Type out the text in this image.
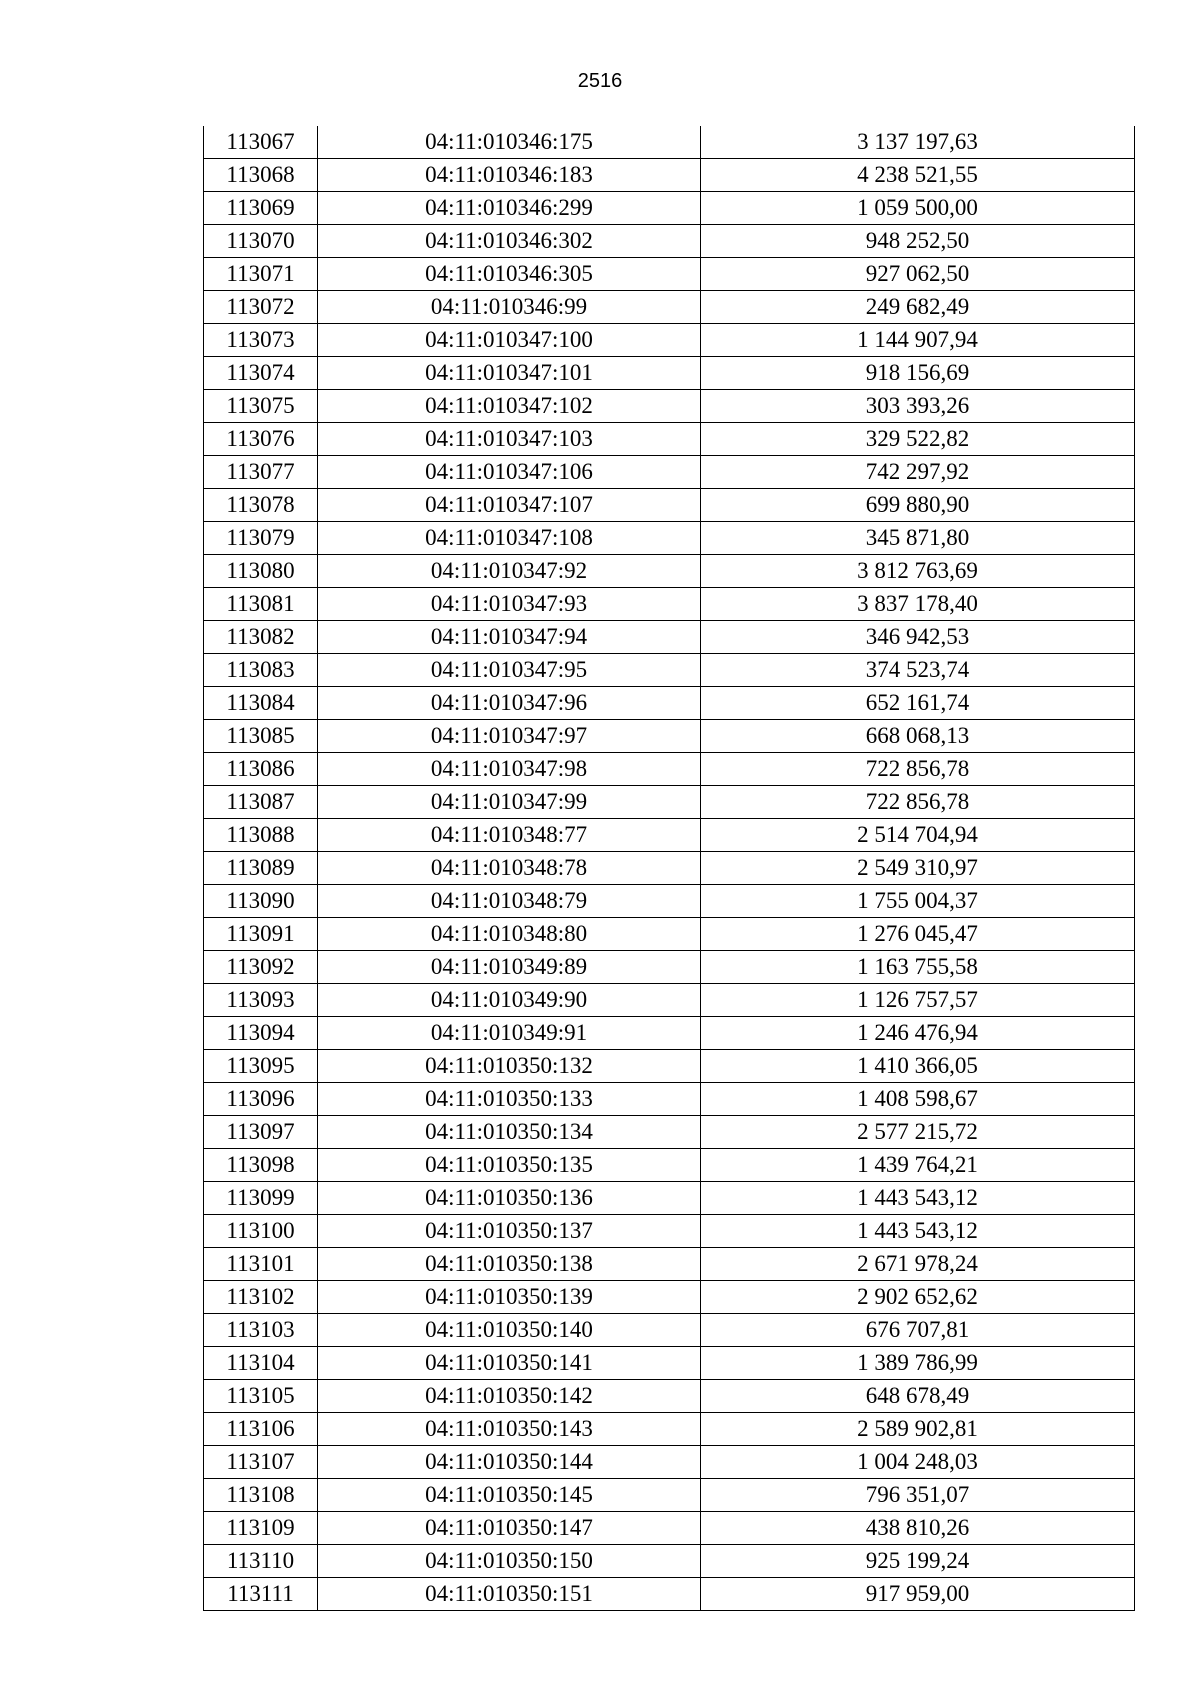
2516
113067	04:11:010346:175	3 137 197,63
113068	04:11:010346:183	4 238 521,55
113069	04:11:010346:299	1 059 500,00
113070	04:11:010346:302	948 252,50
113071	04:11:010346:305	927 062,50
113072	04:11:010346:99	249 682,49
113073	04:11:010347:100	1 144 907,94
113074	04:11:010347:101	918 156,69
113075	04:11:010347:102	303 393,26
113076	04:11:010347:103	329 522,82
113077	04:11:010347:106	742 297,92
113078	04:11:010347:107	699 880,90
113079	04:11:010347:108	345 871,80
113080	04:11:010347:92	3 812 763,69
113081	04:11:010347:93	3 837 178,40
113082	04:11:010347:94	346 942,53
113083	04:11:010347:95	374 523,74
113084	04:11:010347:96	652 161,74
113085	04:11:010347:97	668 068,13
113086	04:11:010347:98	722 856,78
113087	04:11:010347:99	722 856,78
113088	04:11:010348:77	2 514 704,94
113089	04:11:010348:78	2 549 310,97
113090	04:11:010348:79	1 755 004,37
113091	04:11:010348:80	1 276 045,47
113092	04:11:010349:89	1 163 755,58
113093	04:11:010349:90	1 126 757,57
113094	04:11:010349:91	1 246 476,94
113095	04:11:010350:132	1 410 366,05
113096	04:11:010350:133	1 408 598,67
113097	04:11:010350:134	2 577 215,72
113098	04:11:010350:135	1 439 764,21
113099	04:11:010350:136	1 443 543,12
113100	04:11:010350:137	1 443 543,12
113101	04:11:010350:138	2 671 978,24
113102	04:11:010350:139	2 902 652,62
113103	04:11:010350:140	676 707,81
113104	04:11:010350:141	1 389 786,99
113105	04:11:010350:142	648 678,49
113106	04:11:010350:143	2 589 902,81
113107	04:11:010350:144	1 004 248,03
113108	04:11:010350:145	796 351,07
113109	04:11:010350:147	438 810,26
113110	04:11:010350:150	925 199,24
113111	04:11:010350:151	917 959,00
